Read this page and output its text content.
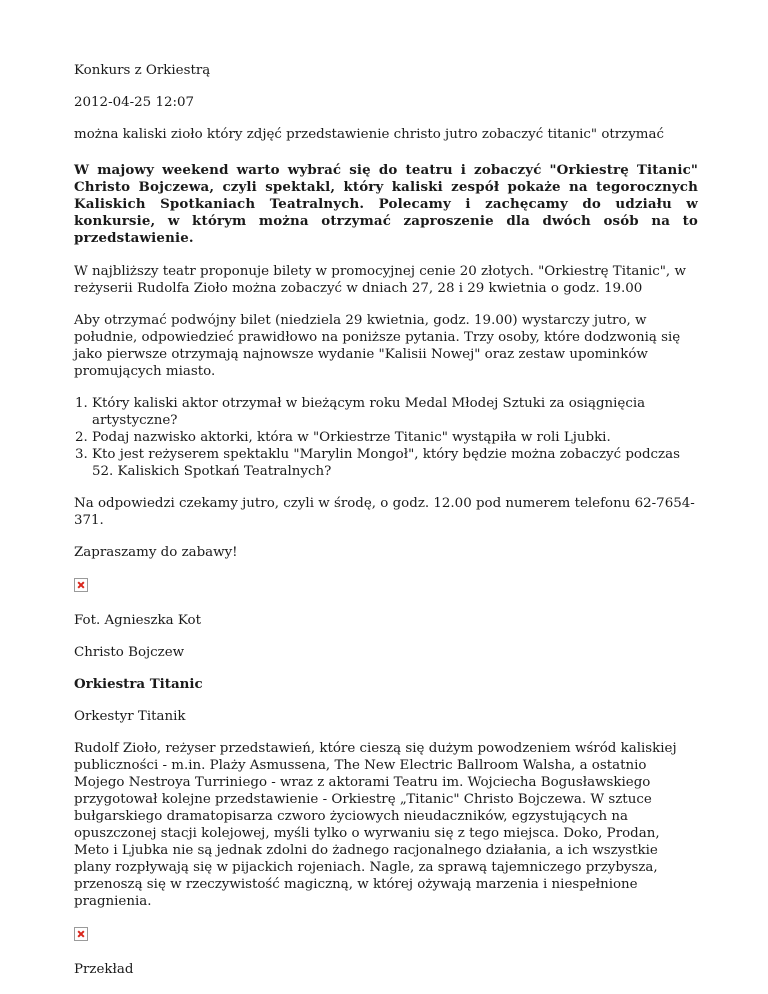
Konkurs z Orkiestrą

2012-04-25 12:07

można kaliski zioło który zdjęć przedstawienie christo jutro zobaczyć titanic" otrzymać

W majowy weekend warto wybrać się do teatru i zobaczyć "Orkiestrę Titanic" Christo Bojczewa, czyli spektakl, który kaliski zespół pokaże na tegorocznych Kaliskich Spotkaniach Teatralnych. Polecamy i zachęcamy do udziału w konkursie, w którym można otrzymać zaproszenie dla dwóch osób na to przedstawienie.

W najbliższy teatr proponuje bilety w promocyjnej cenie 20 złotych. "Orkiestrę Titanic", w reżyserii Rudolfa Zioło można zobaczyć w dniach 27, 28 i 29 kwietnia o godz. 19.00

Aby otrzymać podwójny bilet (niedziela 29 kwietnia, godz. 19.00) wystarczy jutro, w południe, odpowiedzieć prawidłowo na poniższe pytania. Trzy osoby, które dodzwonią się jako pierwsze otrzymają najnowsze wydanie "Kalisii Nowej" oraz zestaw upominków promujących miasto.

1. Który kaliski aktor otrzymał w bieżącym roku Medal Młodej Sztuki za osiągnięcia artystyczne?
2. Podaj nazwisko aktorki, która w "Orkiestrze Titanic" wystąpiła w roli Ljubki.
3. Kto jest reżyserem spektaklu "Marylin Mongoł", który będzie można zobaczyć podczas 52. Kaliskich Spotkań Teatralnych?

Na odpowiedzi czekamy jutro, czyli w środę, o godz. 12.00 pod numerem telefonu 62-7654-371.

Zapraszamy do zabawy!

Fot. Agnieszka Kot

Christo Bojczew

Orkiestra Titanic

Orkestyr Titanik

Rudolf Zioło, reżyser przedstawień, które cieszą się dużym powodzeniem wśród kaliskiej publiczności - m.in. Plaży Asmussena, The New Electric Ballroom Walsha, a ostatnio Mojego Nestroya Turriniego - wraz z aktorami Teatru im. Wojciecha Bogusławskiego przygotował kolejne przedstawienie - Orkiestrę „Titanic" Christo Bojczewa. W sztuce bułgarskiego dramatopisarza czworo życiowych nieudaczników, egzystujących na opuszczonej stacji kolejowej, myśli tylko o wyrwaniu się z tego miejsca. Doko, Prodan, Meto i Ljubka nie są jednak zdolni do żadnego racjonalnego działania, a ich wszystkie plany rozpływają się w pijackich rojeniach. Nagle, za sprawą tajemniczego przybysza, przenoszą się w rzeczywistość magiczną, w której ożywają marzenia i niespełnione pragnienia.

Przekład
